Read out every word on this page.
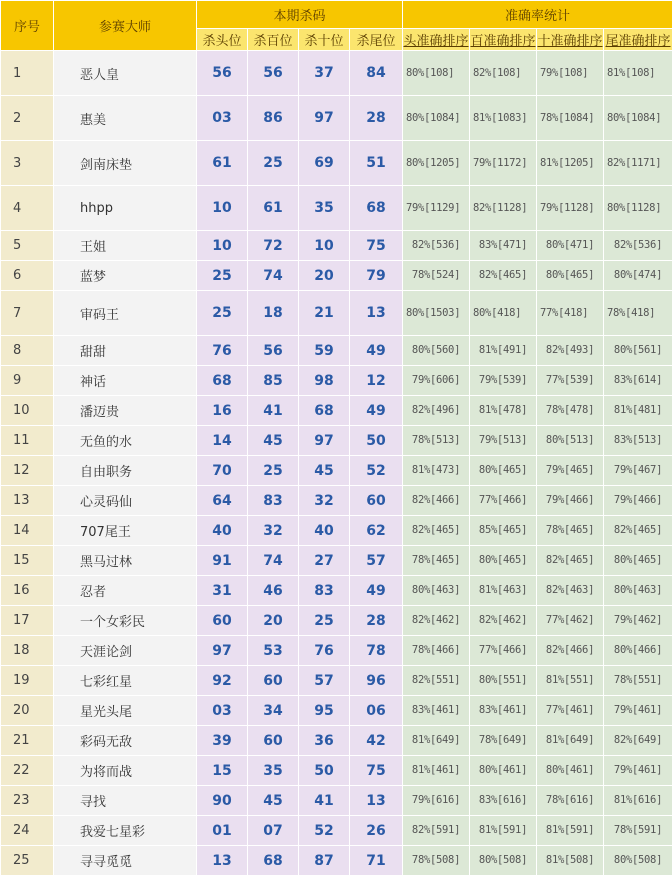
序号	参赛大师	本期杀码				准确率统计			
		杀头位	杀百位	杀十位	杀尾位	头准确排序	百准确排序	十准确排序	尾准确排序
1	恶人皇	56	56	37	84	80%[108]	82%[108]	79%[108]	81%[108]
2	惠美	03	86	97	28	80%[1084]	81%[1083]	78%[1084]	80%[1084]
3	剑南床垫	61	25	69	51	80%[1205]	79%[1172]	81%[1205]	82%[1171]
4	hhpp	10	61	35	68	79%[1129]	82%[1128]	79%[1128]	80%[1128]
5	王姐	10	72	10	75	82%[536]	83%[471]	80%[471]	82%[536]
6	蓝梦	25	74	20	79	78%[524]	82%[465]	80%[465]	80%[474]
7	审码王	25	18	21	13	80%[1503]	80%[418]	77%[418]	78%[418]
8	甜甜	76	56	59	49	80%[560]	81%[491]	82%[493]	80%[561]
9	神话	68	85	98	12	79%[606]	79%[539]	77%[539]	83%[614]
10	潘迈贵	16	41	68	49	82%[496]	81%[478]	78%[478]	81%[481]
11	无鱼的水	14	45	97	50	78%[513]	79%[513]	80%[513]	83%[513]
12	自由职务	70	25	45	52	81%[473]	80%[465]	79%[465]	79%[467]
13	心灵码仙	64	83	32	60	82%[466]	77%[466]	79%[466]	79%[466]
14	707尾王	40	32	40	62	82%[465]	85%[465]	78%[465]	82%[465]
15	黑马过林	91	74	27	57	78%[465]	80%[465]	82%[465]	80%[465]
16	忍者	31	46	83	49	80%[463]	81%[463]	82%[463]	80%[463]
17	一个女彩民	60	20	25	28	82%[462]	82%[462]	77%[462]	79%[462]
18	天涯论剑	97	53	76	78	78%[466]	77%[466]	82%[466]	80%[466]
19	七彩红星	92	60	57	96	82%[551]	80%[551]	81%[551]	78%[551]
20	星光头尾	03	34	95	06	83%[461]	83%[461]	77%[461]	79%[461]
21	彩码无敌	39	60	36	42	81%[649]	78%[649]	81%[649]	82%[649]
22	为将而战	15	35	50	75	81%[461]	80%[461]	80%[461]	79%[461]
23	寻找	90	45	41	13	79%[616]	83%[616]	78%[616]	81%[616]
24	我爱七星彩	01	07	52	26	82%[591]	81%[591]	81%[591]	78%[591]
25	寻寻觅觅	13	68	87	71	78%[508]	80%[508]	81%[508]	80%[508]
